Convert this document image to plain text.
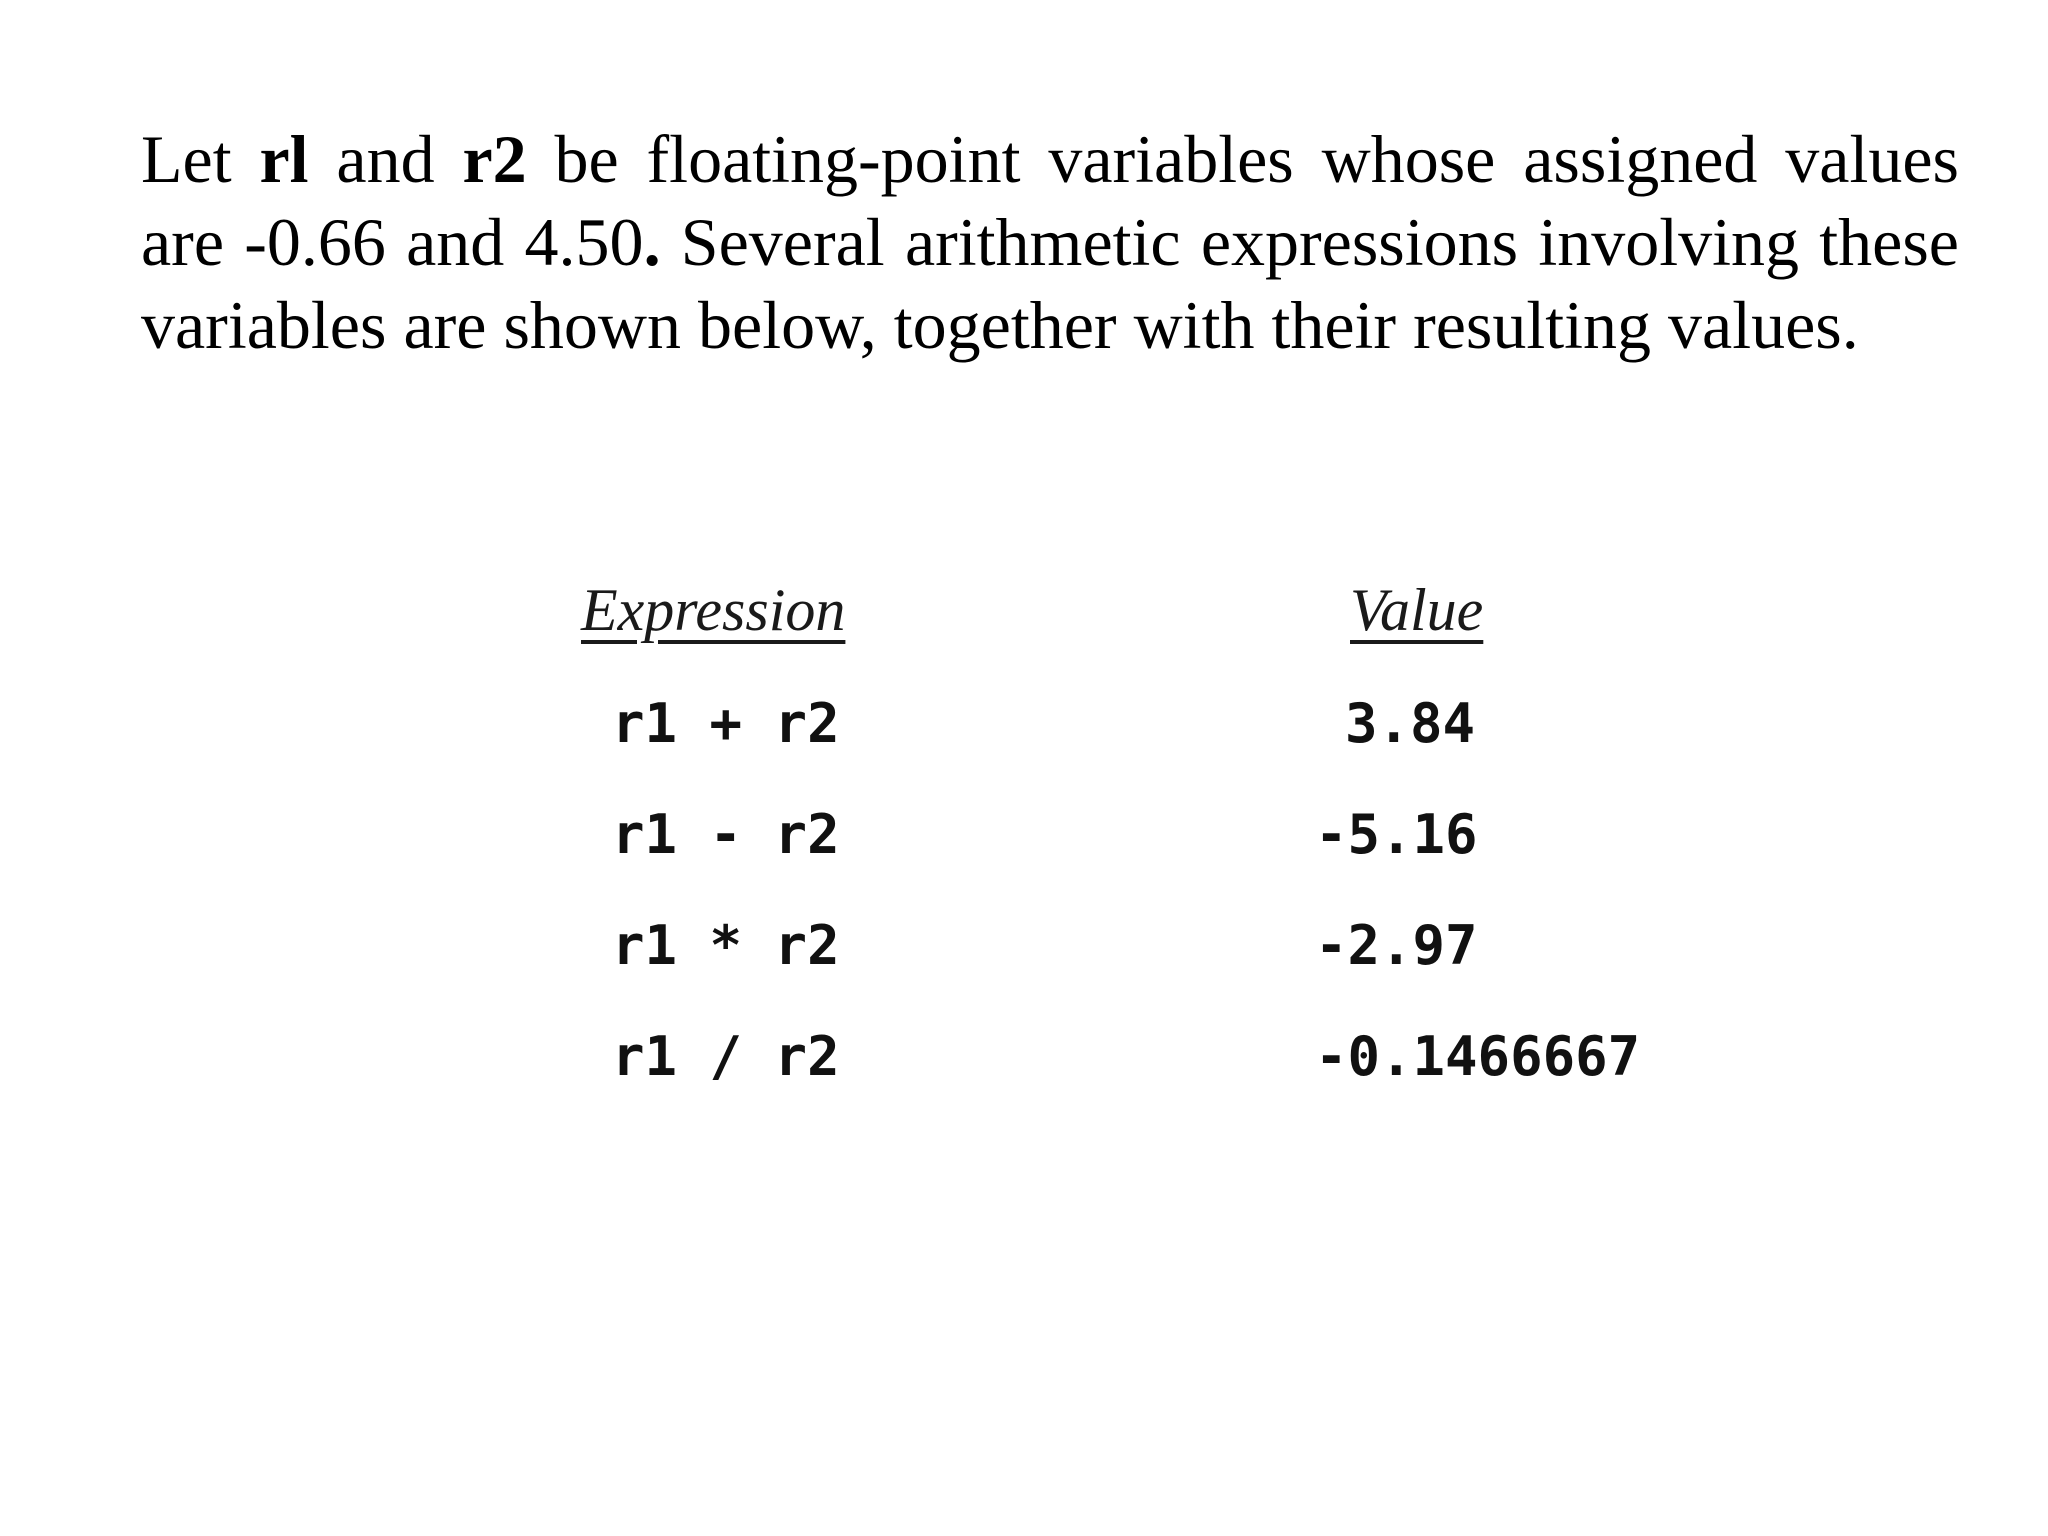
Let rl and r2 be floating-point variables whose assigned values are -0.66 and 4.50. Several arithmetic expressions involving these variables are shown below, together with their resulting values.

Expression	Value
r1 + r2	3.84
r1 - r2	-5.16
r1 * r2	-2.97
r1 / r2	-0.1466667
